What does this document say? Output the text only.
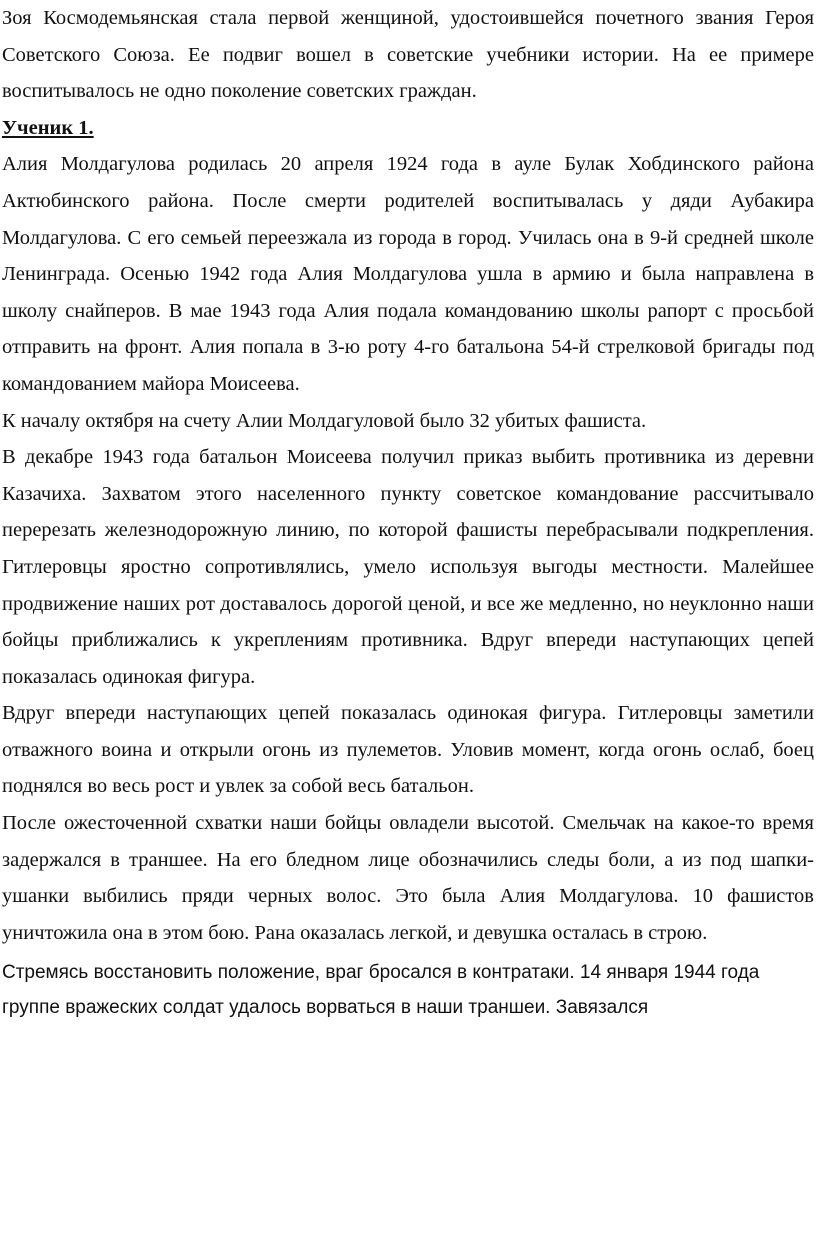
Зоя Космодемьянская стала первой женщиной, удостоившейся почетного звания Героя Советского Союза. Ее подвиг вошел в советские учебники истории. На ее примере воспитывалось не одно поколение советских граждан.

Ученик 1.

Алия Молдагулова родилась 20 апреля 1924 года в ауле Булак Хобдинского района Актюбинского района. После смерти родителей воспитывалась у дяди Аубакира Молдагулова. С его семьей переезжала из города в город. Училась она в 9-й средней школе Ленинграда. Осенью 1942 года Алия Молдагулова ушла в армию и была направлена в школу снайперов. В мае 1943 года Алия подала командованию школы рапорт с просьбой отправить на фронт. Алия попала в 3-ю роту 4-го батальона 54-й стрелковой бригады под командованием майора Моисеева.

К началу октября на счету Алии Молдагуловой было 32 убитых фашиста.

В декабре 1943 года батальон Моисеева получил приказ выбить противника из деревни Казачиха. Захватом этого населенного пункту советское командование рассчитывало перерезать железнодорожную линию, по которой фашисты перебрасывали подкрепления. Гитлеровцы яростно сопротивлялись, умело используя выгоды местности. Малейшее продвижение наших рот доставалось дорогой ценой, и все же медленно, но неуклонно наши бойцы приближались к укреплениям противника. Вдруг впереди наступающих цепей показалась одинокая фигура.

Вдруг впереди наступающих цепей показалась одинокая фигура. Гитлеровцы заметили отважного воина и открыли огонь из пулеметов. Уловив момент, когда огонь ослаб, боец поднялся во весь рост и увлек за собой весь батальон.

После ожесточенной схватки наши бойцы овладели высотой. Смельчак на какое-то время задержался в траншее. На его бледном лице обозначились следы боли, а из под шапки-ушанки выбились пряди черных волос. Это была Алия Молдагулова. 10 фашистов уничтожила она в этом бою. Рана оказалась легкой, и девушка осталась в строю.

Стремясь восстановить положение, враг бросался в контратаки. 14 января 1944 года группе вражеских солдат удалось ворваться в наши траншеи. Завязался
